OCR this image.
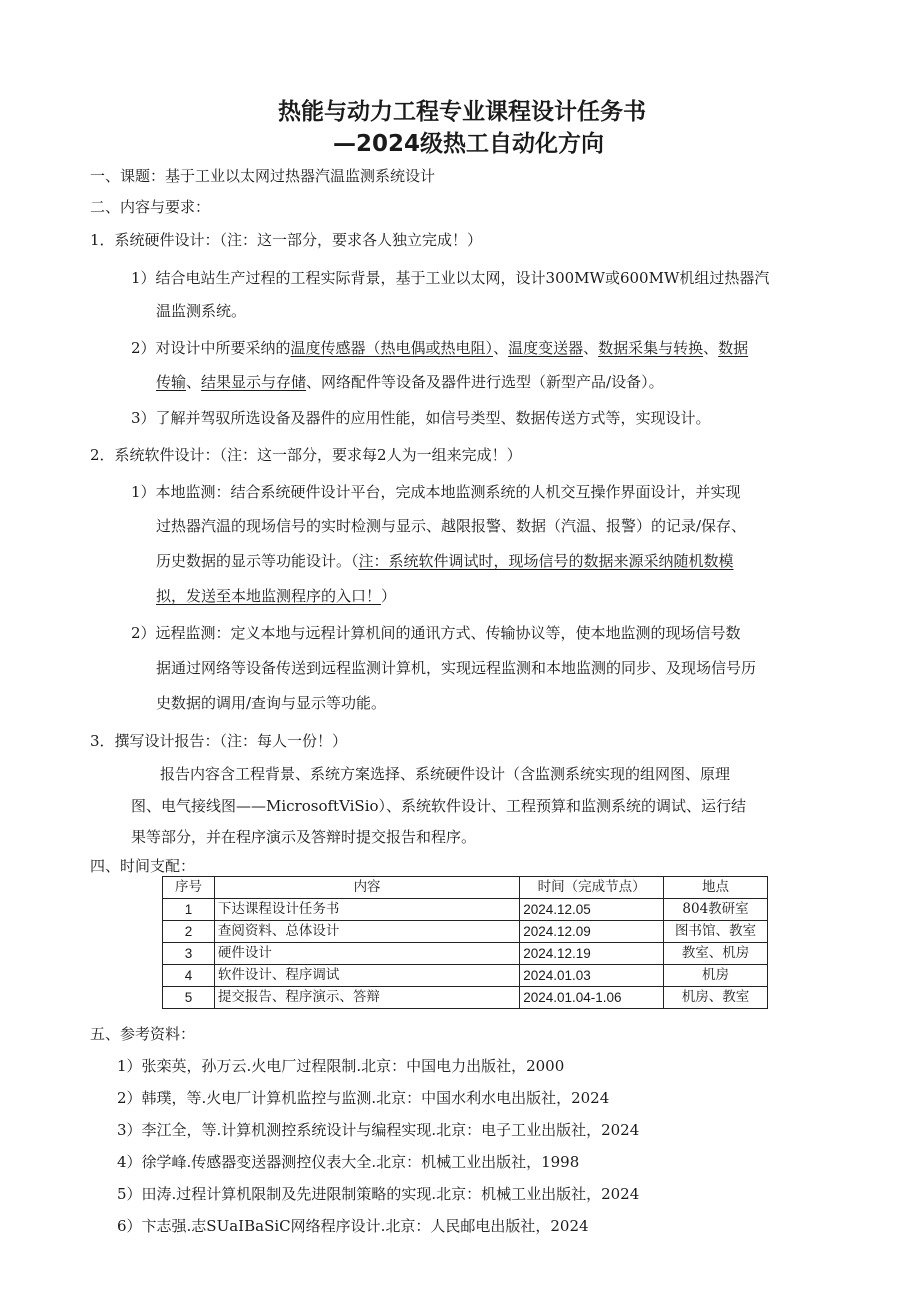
热能与动力工程专业课程设计任务书
—2024级热工自动化方向
一、课题：基于工业以太网过热器汽温监测系统设计
二、内容与要求：
1．系统硬件设计：（注：这一部分，要求各人独立完成！）
1）结合电站生产过程的工程实际背景，基于工业以太网，设计300MW或600MW机组过热器汽
温监测系统。
2）对设计中所要采纳的温度传感器（热电偶或热电阻）、温度变送器、数据采集与转换、数据
传输、结果显示与存储、网络配件等设备及器件进行选型（新型产品/设备）。
3）了解并驾驭所选设备及器件的应用性能，如信号类型、数据传送方式等，实现设计。
2．系统软件设计：（注：这一部分，要求每2人为一组来完成！）
1）本地监测：结合系统硬件设计平台，完成本地监测系统的人机交互操作界面设计，并实现
过热器汽温的现场信号的实时检测与显示、越限报警、数据（汽温、报警）的记录/保存、
历史数据的显示等功能设计。（注：系统软件调试时，现场信号的数据来源采纳随机数模
拟，发送至本地监测程序的入口！）
2）远程监测：定义本地与远程计算机间的通讯方式、传输协议等，使本地监测的现场信号数
据通过网络等设备传送到远程监测计算机，实现远程监测和本地监测的同步、及现场信号历
史数据的调用/查询与显示等功能。
3．撰写设计报告：（注：每人一份！）
报告内容含工程背景、系统方案选择、系统硬件设计（含监测系统实现的组网图、原理
图、电气接线图——MicrosoftViSio）、系统软件设计、工程预算和监测系统的调试、运行结
果等部分，并在程序演示及答辩时提交报告和程序。
四、时间支配：
序号	内容	时间（完成节点）	地点
1	下达课程设计任务书	2024.12.05	804教研室
2	查阅资料、总体设计	2024.12.09	图书馆、教室
3	硬件设计	2024.12.19	教室、机房
4	软件设计、程序调试	2024.01.03	机房
5	提交报告、程序演示、答辩	2024.01.04-1.06	机房、教室
五、参考资料：
1）张栾英，孙万云.火电厂过程限制.北京：中国电力出版社，2000
2）韩璞，等.火电厂计算机监控与监测.北京：中国水利水电出版社，2024
3）李江全，等.计算机测控系统设计与编程实现.北京：电子工业出版社，2024
4）徐学峰.传感器变送器测控仪表大全.北京：机械工业出版社，1998
5）田涛.过程计算机限制及先进限制策略的实现.北京：机械工业出版社，2024
6）卞志强.志SUaIBaSiC网络程序设计.北京：人民邮电出版社，2024
